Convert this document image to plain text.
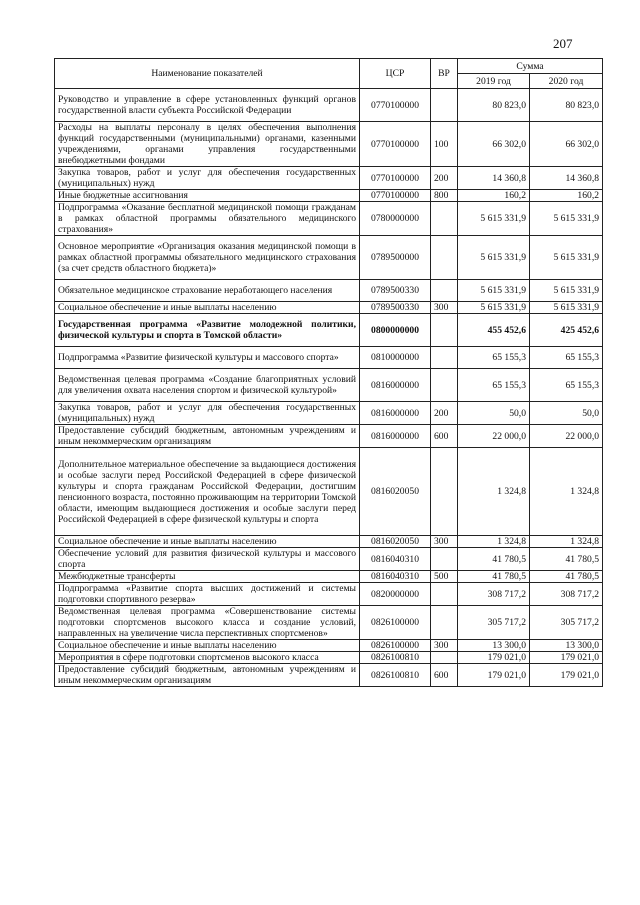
207
Наименование показателей	ЦСР	ВР	Сумма	
			2019 год	2020 год
Руководство и управление в сфере установленных функций органов государственной власти субъекта Российской Федерации	0770100000		80 823,0	80 823,0
Расходы на выплаты персоналу в целях обеспечения выполнения функций государственными (муниципальными) органами, казенными учреждениями, органами управления государственными внебюджетными фондами	0770100000	100	66 302,0	66 302,0
Закупка товаров, работ и услуг для обеспечения государственных (муниципальных) нужд	0770100000	200	14 360,8	14 360,8
Иные бюджетные ассигнования	0770100000	800	160,2	160,2
Подпрограмма «Оказание бесплатной медицинской помощи гражданам в рамках областной программы обязательного медицинского страхования»	0780000000		5 615 331,9	5 615 331,9
Основное мероприятие «Организация оказания медицинской помощи в рамках областной программы обязательного медицинского страхования (за счет средств областного бюджета)»	0789500000		5 615 331,9	5 615 331,9
Обязательное медицинское страхование неработающего населения	0789500330		5 615 331,9	5 615 331,9
Социальное обеспечение и иные выплаты населению	0789500330	300	5 615 331,9	5 615 331,9
Государственная программа «Развитие молодежной политики, физической культуры и спорта в Томской области»	0800000000		455 452,6	425 452,6
Подпрограмма «Развитие физической культуры и массового спорта»	0810000000		65 155,3	65 155,3
Ведомственная целевая программа «Создание благоприятных условий для увеличения охвата населения спортом и физической культурой»	0816000000		65 155,3	65 155,3
Закупка товаров, работ и услуг для обеспечения государственных (муниципальных) нужд	0816000000	200	50,0	50,0
Предоставление субсидий бюджетным, автономным учреждениям и иным некоммерческим организациям	0816000000	600	22 000,0	22 000,0
Дополнительное материальное обеспечение за выдающиеся достижения и особые заслуги перед Российской Федерацией в сфере физической культуры и спорта гражданам Российской Федерации, достигшим пенсионного возраста, постоянно проживающим на территории Томской области, имеющим выдающиеся достижения и особые заслуги перед Российской Федерацией в сфере физической культуры и спорта	0816020050		1 324,8	1 324,8
Социальное обеспечение и иные выплаты населению	0816020050	300	1 324,8	1 324,8
Обеспечение условий для развития физической культуры и массового спорта	0816040310		41 780,5	41 780,5
Межбюджетные трансферты	0816040310	500	41 780,5	41 780,5
Подпрограмма «Развитие спорта высших достижений и системы подготовки спортивного резерва»	0820000000		308 717,2	308 717,2
Ведомственная целевая программа «Совершенствование системы подготовки спортсменов высокого класса и создание условий, направленных на увеличение числа перспективных спортсменов»	0826100000		305 717,2	305 717,2
Социальное обеспечение и иные выплаты населению	0826100000	300	13 300,0	13 300,0
Мероприятия в сфере подготовки спортсменов высокого класса	0826100810		179 021,0	179 021,0
Предоставление субсидий бюджетным, автономным учреждениям и иным некоммерческим организациям	0826100810	600	179 021,0	179 021,0
